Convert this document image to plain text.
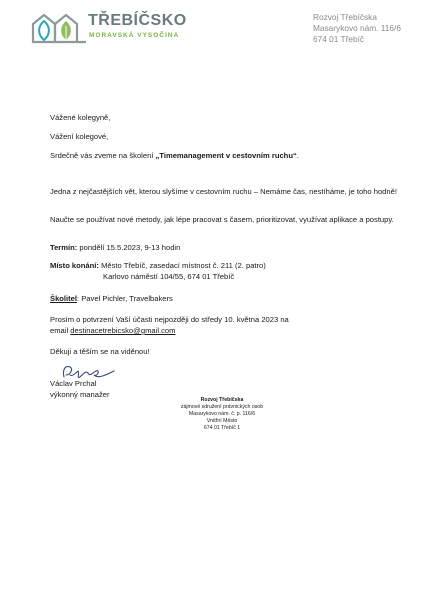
TŘEBÍČSKO
MORAVSKÁ VYSOČINA
Rozvoj Třebíčska
Masarykovo nám. 116/6
674 01 Třebíč
Vážené kolegyně,
Vážení kolegové,
Srdečně vás zveme na školení „Timemanagement v cestovním ruchu“.
Jedna z nejčastějších vět, kterou slyšíme v cestovním ruchu – Nemáme čas, nestíháme, je toho hodně!
Naučte se používat nové metody, jak lépe pracovat s časem, prioritizovat, využívat aplikace a postupy.
Termín: pondělí 15.5.2023, 9-13 hodin
Místo konání: Město Třebíč, zasedací místnost č. 211 (2. patro)
Karlovo náměstí 104/55, 674 01 Třebíč
Školitel: Pavel Pichler, Travelbakers
Prosím o potvrzení Vaší účasti nejpozději do středy 10. května 2023 na
email destinacetrebicsko@gmail.com
Děkuji a těším se na viděnou!
Václav Prchal
výkonný manažer
Rozvoj Třebíčska
zájmové sdružení právnických osob
Masarykovo nám. č. p. 116/6
Vnitřní Město
674 01 Třebíč 1
